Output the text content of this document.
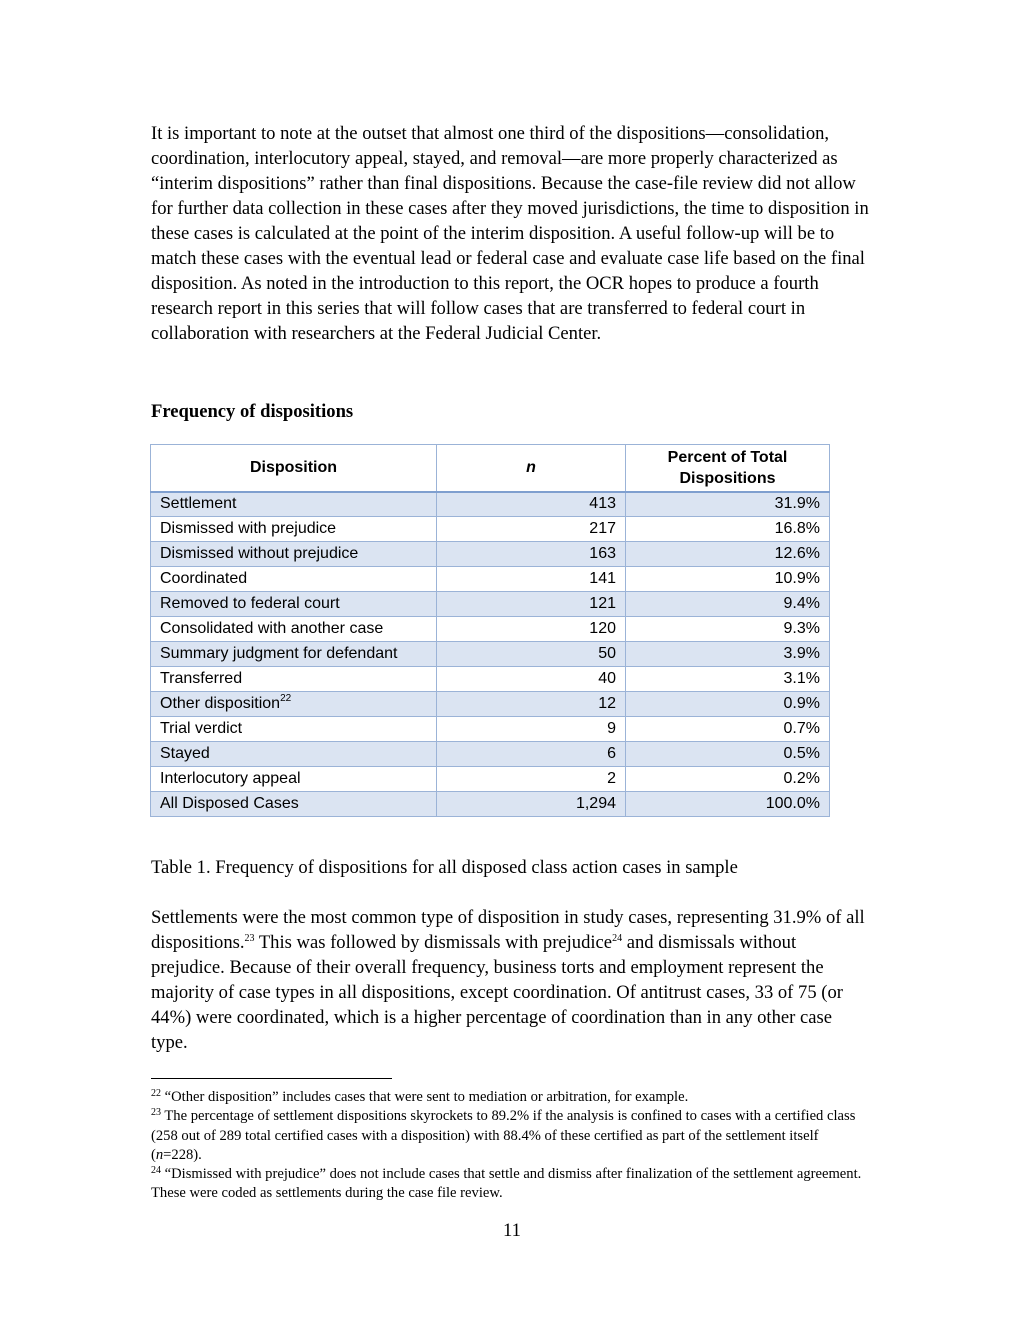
It is important to note at the outset that almost one third of the dispositions—consolidation, coordination, interlocutory appeal, stayed, and removal—are more properly characterized as “interim dispositions” rather than final dispositions. Because the case-file review did not allow for further data collection in these cases after they moved jurisdictions, the time to disposition in these cases is calculated at the point of the interim disposition. A useful follow-up will be to match these cases with the eventual lead or federal case and evaluate case life based on the final disposition. As noted in the introduction to this report, the OCR hopes to produce a fourth research report in this series that will follow cases that are transferred to federal court in collaboration with researchers at the Federal Judicial Center.

Frequency of dispositions
Disposition	n	Percent of Total
Dispositions
Settlement	413	31.9%
Dismissed with prejudice	217	16.8%
Dismissed without prejudice	163	12.6%
Coordinated	141	10.9%
Removed to federal court	121	9.4%
Consolidated with another case	120	9.3%
Summary judgment for defendant	50	3.9%
Transferred	40	3.1%
Other disposition$^{22}$	12	0.9%
Trial verdict	9	0.7%
Stayed	6	0.5%
Interlocutory appeal	2	0.2%
All Disposed Cases	1,294	100.0%
Table 1. Frequency of dispositions for all disposed class action cases in sample

Settlements were the most common type of disposition in study cases, representing 31.9% of all dispositions.$^{23}$ This was followed by dismissals with prejudice$^{24}$ and dismissals without prejudice. Because of their overall frequency, business torts and employment represent the majority of case types in all dispositions, except coordination. Of antitrust cases, 33 of 75 (or 44%) were coordinated, which is a higher percentage of coordination than in any other case type.

$^{22}$ “Other disposition” includes cases that were sent to mediation or arbitration, for example.

$^{23}$ The percentage of settlement dispositions skyrockets to 89.2% if the analysis is confined to cases with a certified class (258 out of 289 total certified cases with a disposition) with 88.4% of these certified as part of the settlement itself (n=228).

$^{24}$ “Dismissed with prejudice” does not include cases that settle and dismiss after finalization of the settlement agreement. These were coded as settlements during the case file review.

11
